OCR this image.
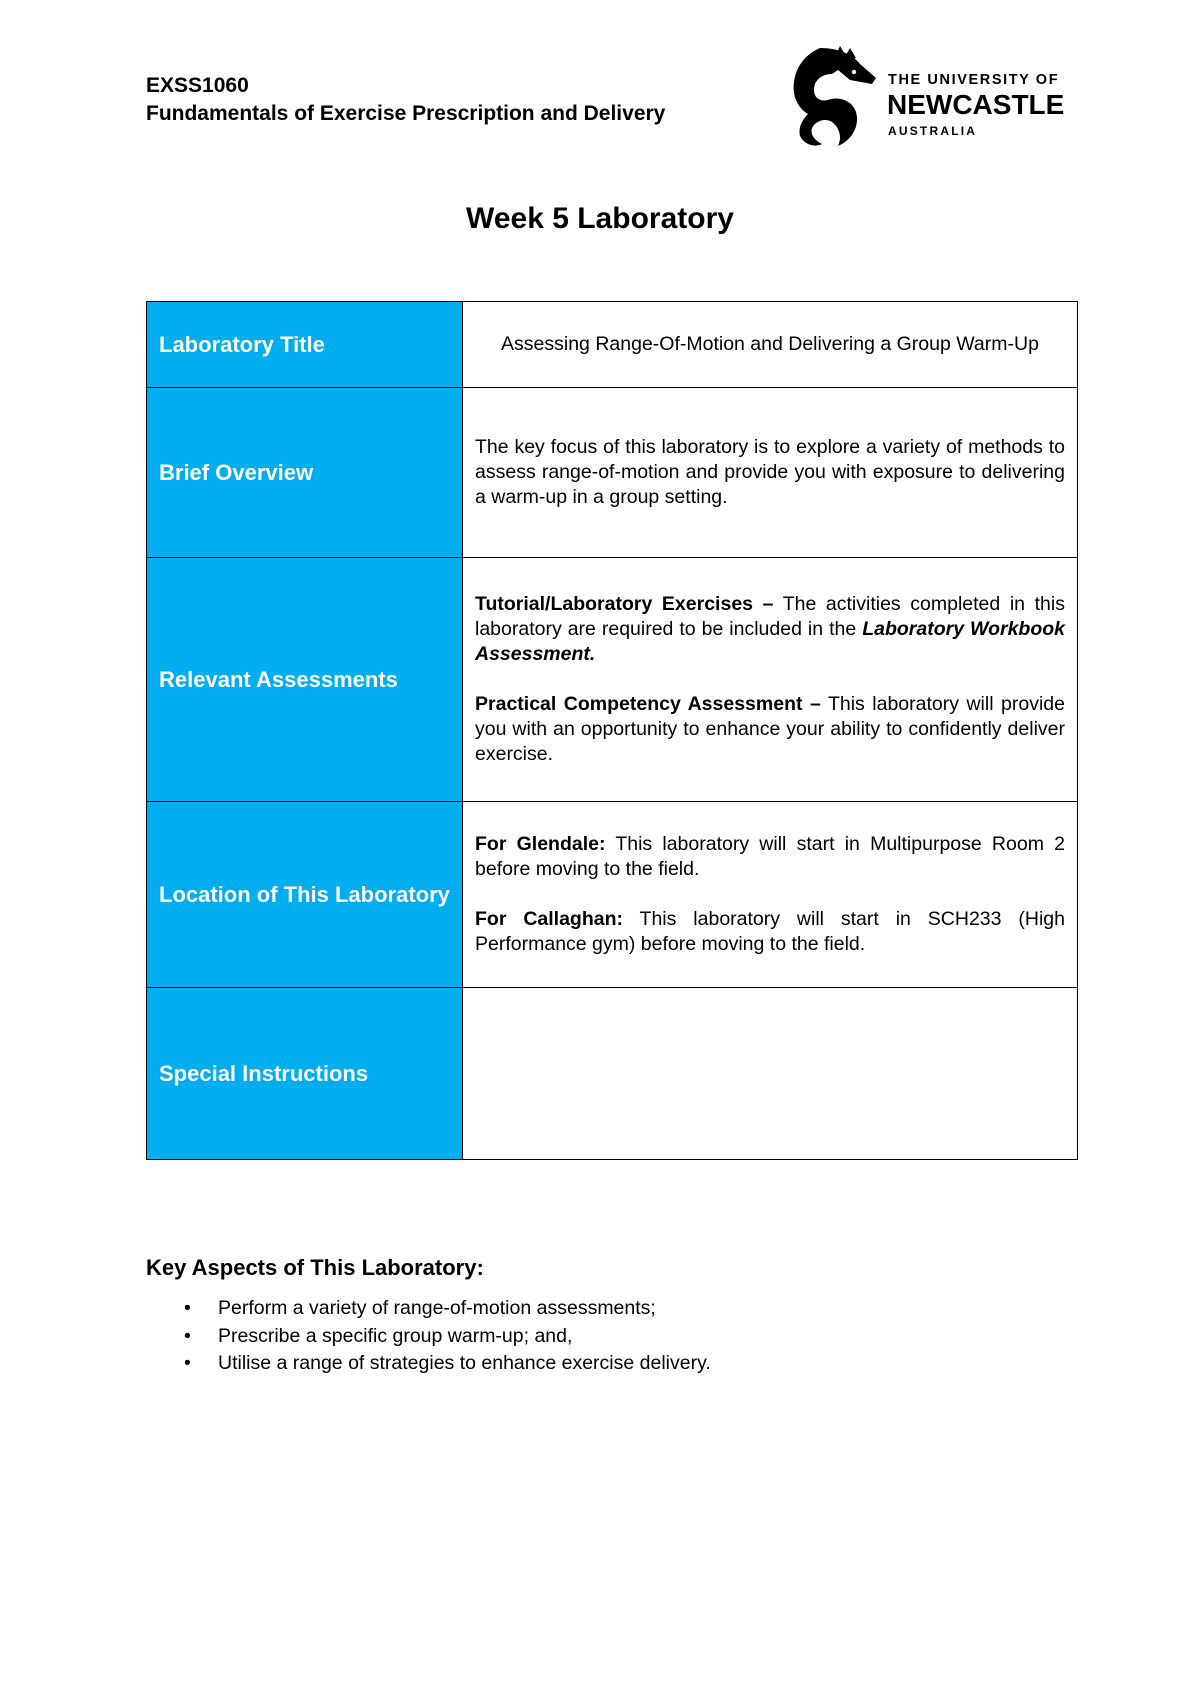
EXSS1060
Fundamentals of Exercise Prescription and Delivery
THE UNIVERSITY OF
NEWCASTLE
AUSTRALIA
Week 5 Laboratory
Laboratory Title	Assessing Range-Of-Motion and Delivering a Group Warm-Up
Brief Overview	The key focus of this laboratory is to explore a variety of methods to assess range-of-motion and provide you with exposure to delivering a warm-up in a group setting.
Relevant Assessments	Tutorial/Laboratory Exercises – The activities completed in this laboratory are required to be included in the Laboratory Workbook Assessment.

Practical Competency Assessment – This laboratory will provide you with an opportunity to enhance your ability to confidently deliver exercise.

Location of This Laboratory	For Glendale: This laboratory will start in Multipurpose Room 2 before moving to the field.

For Callaghan: This laboratory will start in SCH233 (High Performance gym) before moving to the field.

Special Instructions	
Key Aspects of This Laboratory:
• Perform a variety of range-of-motion assessments;
• Prescribe a specific group warm-up; and,
• Utilise a range of strategies to enhance exercise delivery.
